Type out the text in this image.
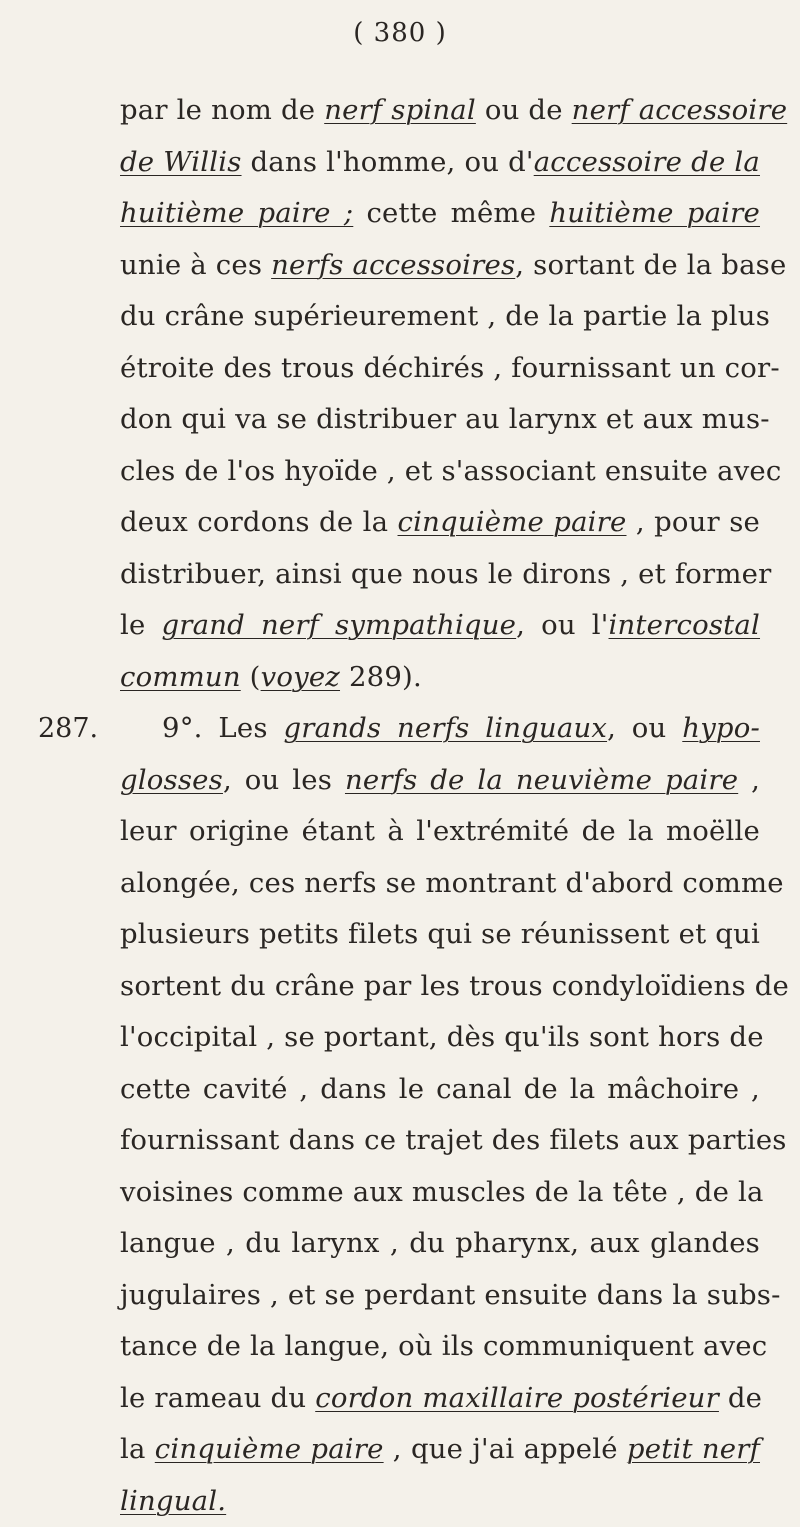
( 380 )
287.
par le nom de nerf spinal ou de nerf accessoire
de Willis dans l'homme, ou d'accessoire de la
huitième paire ; cette même huitième paire
unie à ces nerfs accessoires, sortant de la base
du crâne supérieurement , de la partie la plus
étroite des trous déchirés , fournissant un cor-
don qui va se distribuer au larynx et aux mus-
cles de l'os hyoïde , et s'associant ensuite avec
deux cordons de la cinquième paire , pour se
distribuer, ainsi que nous le dirons , et former
le grand nerf sympathique, ou l'intercostal
commun (voyez 289).
9°. Les grands nerfs linguaux, ou hypo-
glosses, ou les nerfs de la neuvième paire ,
leur origine étant à l'extrémité de la moëlle
alongée, ces nerfs se montrant d'abord comme
plusieurs petits filets qui se réunissent et qui
sortent du crâne par les trous condyloïdiens de
l'occipital , se portant, dès qu'ils sont hors de
cette cavité , dans le canal de la mâchoire ,
fournissant dans ce trajet des filets aux parties
voisines comme aux muscles de la tête , de la
langue , du larynx , du pharynx, aux glandes
jugulaires , et se perdant ensuite dans la subs-
tance de la langue, où ils communiquent avec
le rameau du cordon maxillaire postérieur de
la cinquième paire , que j'ai appelé petit nerf
lingual.
